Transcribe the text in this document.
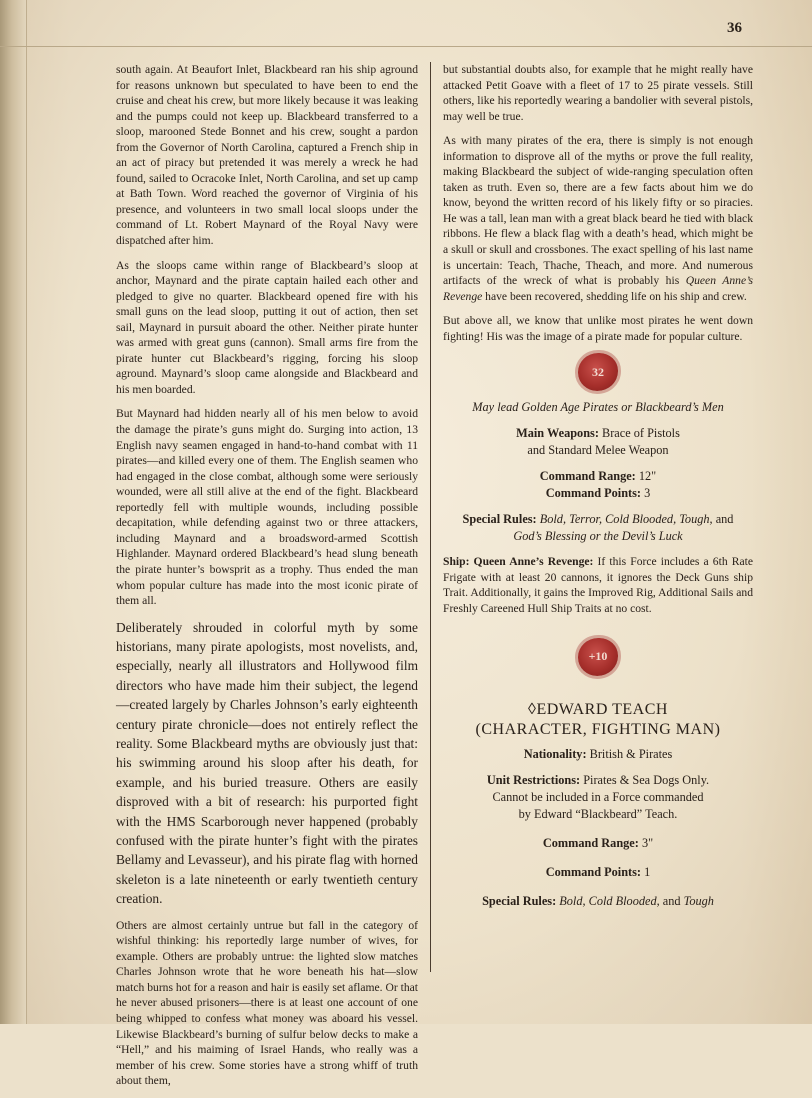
36

south again. At Beaufort Inlet, Blackbeard ran his ship aground for reasons unknown but speculated to have been to end the cruise and cheat his crew, but more likely because it was leaking and the pumps could not keep up. Blackbeard transferred to a sloop, marooned Stede Bonnet and his crew, sought a pardon from the Governor of North Carolina, captured a French ship in an act of piracy but pretended it was merely a wreck he had found, sailed to Ocracoke Inlet, North Carolina, and set up camp at Bath Town. Word reached the governor of Virginia of his presence, and volunteers in two small local sloops under the command of Lt. Robert Maynard of the Royal Navy were dispatched after him.

As the sloops came within range of Blackbeard’s sloop at anchor, Maynard and the pirate captain hailed each other and pledged to give no quarter. Blackbeard opened fire with his small guns on the lead sloop, putting it out of action, then set sail, Maynard in pursuit aboard the other. Neither pirate hunter was armed with great guns (cannon). Small arms fire from the pirate hunter cut Blackbeard’s rigging, forcing his sloop aground. Maynard’s sloop came alongside and Blackbeard and his men boarded.

But Maynard had hidden nearly all of his men below to avoid the damage the pirate’s guns might do. Surging into action, 13 English navy seamen engaged in hand-to-hand combat with 11 pirates—and killed every one of them. The English seamen who had engaged in the close combat, although some were seriously wounded, were all still alive at the end of the fight. Blackbeard reportedly fell with multiple wounds, including possible decapitation, while defending against two or three attackers, including Maynard and a broadsword-armed Scottish Highlander. Maynard ordered Blackbeard’s head slung beneath the pirate hunter’s bowsprit as a trophy. Thus ended the man whom popular culture has made into the most iconic pirate of them all.

Deliberately shrouded in colorful myth by some historians, many pirate apologists, most novelists, and, especially, nearly all illustrators and Hollywood film directors who have made him their subject, the legend—created largely by Charles Johnson’s early eighteenth century pirate chronicle—does not entirely reflect the reality. Some Blackbeard myths are obviously just that: his swimming around his sloop after his death, for example, and his buried treasure. Others are easily disproved with a bit of research: his purported fight with the HMS Scarborough never happened (probably confused with the pirate hunter’s fight with the pirates Bellamy and Levasseur), and his pirate flag with horned skeleton is a late nineteenth or early twentieth century creation.

Others are almost certainly untrue but fall in the category of wishful thinking: his reportedly large number of wives, for example. Others are probably untrue: the lighted slow matches Charles Johnson wrote that he wore beneath his hat—slow match burns hot for a reason and hair is easily set aflame. Or that he never abused prisoners—there is at least one account of one being whipped to confess what money was aboard his vessel. Likewise Blackbeard’s burning of sulfur below decks to make a “Hell,” and his maiming of Israel Hands, who really was a member of his crew. Some stories have a strong whiff of truth about them,

but substantial doubts also, for example that he might really have attacked Petit Goave with a fleet of 17 to 25 pirate vessels. Still others, like his reportedly wearing a bandolier with several pistols, may well be true.

As with many pirates of the era, there is simply is not enough information to disprove all of the myths or prove the full reality, making Blackbeard the subject of wide-ranging speculation often taken as truth. Even so, there are a few facts about him we do know, beyond the written record of his likely fifty or so piracies. He was a tall, lean man with a great black beard he tied with black ribbons. He flew a black flag with a death’s head, which might be a skull or skull and crossbones. The exact spelling of his last name is uncertain: Teach, Thache, Theach, and more. And numerous artifacts of the wreck of what is probably his Queen Anne’s Revenge have been recovered, shedding life on his ship and crew.

But above all, we know that unlike most pirates he went down fighting! His was the image of a pirate made for popular culture.

32

May lead Golden Age Pirates or Blackbeard’s Men

Main Weapons: Brace of Pistols
and Standard Melee Weapon

Command Range: 12"

Command Points: 3

Special Rules: Bold, Terror, Cold Blooded, Tough, and
God’s Blessing or the Devil’s Luck

Ship: Queen Anne’s Revenge: If this Force includes a 6th Rate Frigate with at least 20 cannons, it ignores the Deck Guns ship Trait. Additionally, it gains the Improved Rig, Additional Sails and Freshly Careened Hull Ship Traits at no cost.

+10
◊EDWARD TEACH
(CHARACTER, FIGHTING MAN)

Nationality: British & Pirates

Unit Restrictions: Pirates & Sea Dogs Only.
Cannot be included in a Force commanded
by Edward “Blackbeard” Teach.

Command Range: 3"

Command Points: 1

Special Rules: Bold, Cold Blooded, and Tough
